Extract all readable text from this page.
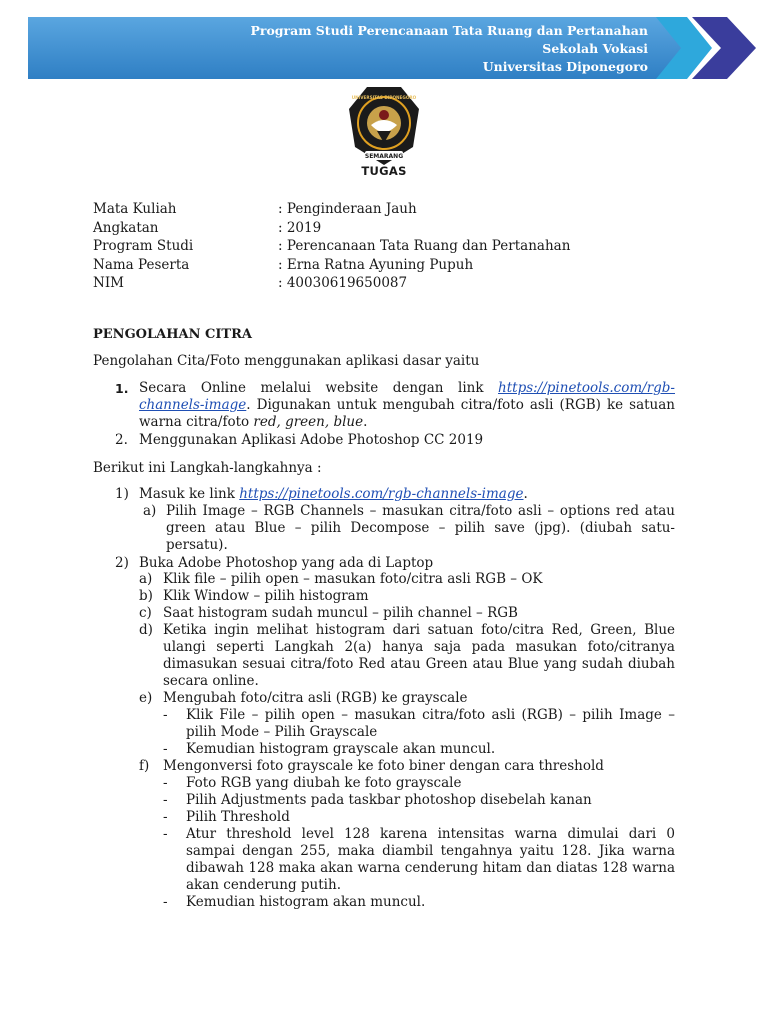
Program Studi Perencanaan Tata Ruang dan Pertanahan
Sekolah Vokasi
Universitas Diponegoro
SEMARANG
UNIVERSITAS DIPONEGORO
TUGAS
Mata Kuliah	: Penginderaan Jauh
Angkatan	: 2019
Program Studi	: Perencanaan Tata Ruang dan Pertanahan
Nama Peserta	: Erna Ratna Ayuning Pupuh
NIM	: 40030619650087
PENGOLAHAN CITRA
Pengolahan Cita/Foto menggunakan aplikasi dasar yaitu
1. Secara Online melalui website dengan link https://pinetools.com/rgb-channels-image. Digunakan untuk mengubah citra/foto asli (RGB) ke satuan warna citra/foto red, green, blue.
2. Menggunakan Aplikasi Adobe Photoshop CC 2019
Berikut ini Langkah-langkahnya :
1) Masuk ke link https://pinetools.com/rgb-channels-image.
a) Pilih Image – RGB Channels – masukan citra/foto asli – options red atau green atau Blue – pilih Decompose – pilih save (jpg). (diubah satu-persatu).
2) Buka Adobe Photoshop yang ada di Laptop
a) Klik file – pilih open – masukan foto/citra asli RGB – OK
b) Klik Window – pilih histogram
c) Saat histogram sudah muncul – pilih channel – RGB
d) Ketika ingin melihat histogram dari satuan foto/citra Red, Green, Blue ulangi seperti Langkah 2(a) hanya saja pada masukan foto/citranya dimasukan sesuai citra/foto Red atau Green atau Blue yang sudah diubah secara online.
e) Mengubah foto/citra asli (RGB) ke grayscale
- Klik File – pilih open – masukan citra/foto asli (RGB) – pilih Image – pilih Mode – Pilih Grayscale
- Kemudian histogram grayscale akan muncul.
f) Mengonversi foto grayscale ke foto biner dengan cara threshold
- Foto RGB yang diubah ke foto grayscale
- Pilih Adjustments pada taskbar photoshop disebelah kanan
- Pilih Threshold
- Atur threshold level 128 karena intensitas warna dimulai dari 0 sampai dengan 255, maka diambil tengahnya yaitu 128. Jika warna dibawah 128 maka akan warna cenderung hitam dan diatas 128 warna akan cenderung putih.
- Kemudian histogram akan muncul.
